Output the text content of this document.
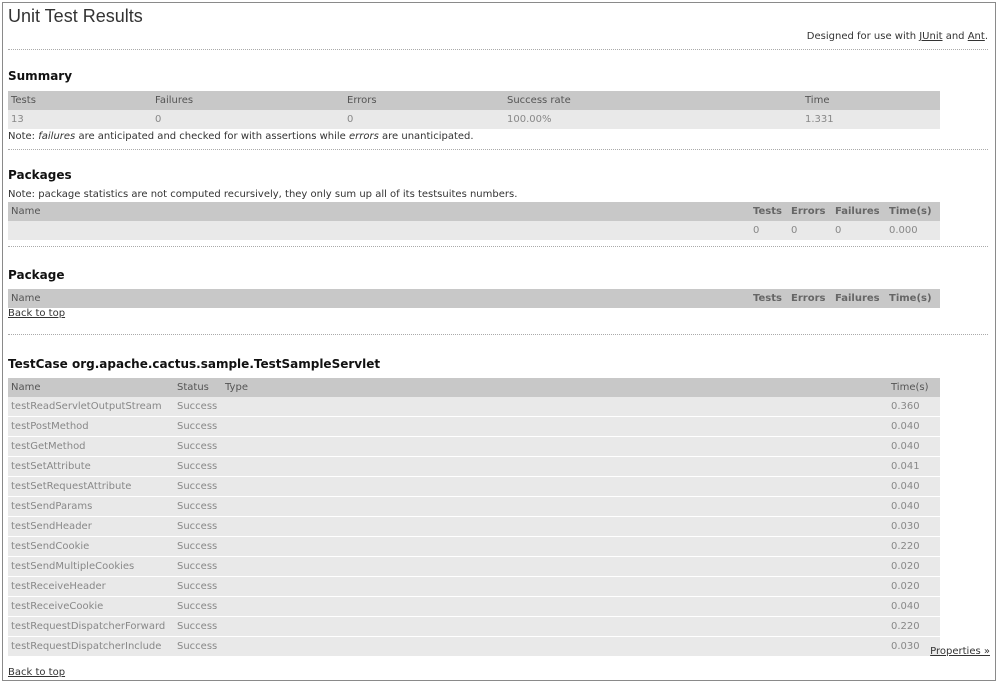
Unit Test Results
Designed for use with JUnit and Ant.
Summary
Tests	Failures	Errors	Success rate	Time
13	0	0	100.00%	1.331
Note: failures are anticipated and checked for with assertions while errors are unanticipated.
Packages
Note: package statistics are not computed recursively, they only sum up all of its testsuites numbers.
Name	Tests	Errors	Failures	Time(s)
	0	0	0	0.000
Package
Name	Tests	Errors	Failures	Time(s)
Back to top
TestCase org.apache.cactus.sample.TestSampleServlet
Name	Status	Type	Time(s)
testReadServletOutputStream	Success		0.360
testPostMethod	Success		0.040
testGetMethod	Success		0.040
testSetAttribute	Success		0.041
testSetRequestAttribute	Success		0.040
testSendParams	Success		0.040
testSendHeader	Success		0.030
testSendCookie	Success		0.220
testSendMultipleCookies	Success		0.020
testReceiveHeader	Success		0.020
testReceiveCookie	Success		0.040
testRequestDispatcherForward	Success		0.220
testRequestDispatcherInclude	Success		0.030 Properties »
Back to top
